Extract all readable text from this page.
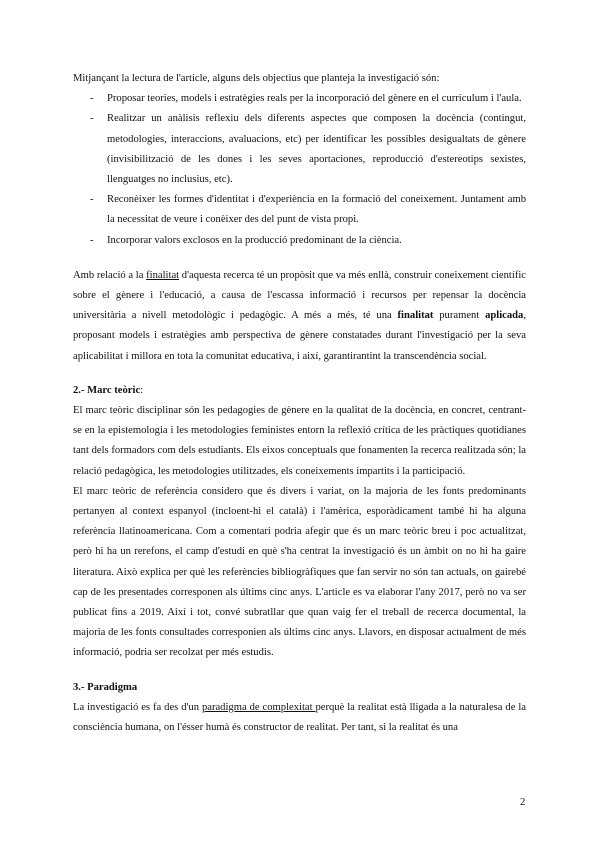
Mitjançant la lectura de l'article, alguns dels objectius que planteja la investigació són:

- Proposar teories, models i estratègies reals per la incorporació del gènere en el currículum i l'aula.
- Realitzar un anàlisis reflexiu dels diferents aspectes que composen la docència (contingut, metodologies, interaccions, avaluacions, etc) per identificar les possibles desigualtats de gènere (invisibilització de les dones i les seves aportaciones, reproducció d'estereotips sexistes, llenguatges no inclusius, etc).
- Reconèixer les formes d'identitat i d'experiència en la formació del coneixement. Juntament amb la necessitat de veure i conèixer des del punt de vista propi.
- Incorporar valors exclosos en la producció predominant de la ciència.

Amb relació a la finalitat d'aquesta recerca té un propòsit que va més enllà, construir coneixement científic sobre el gènere i l'educació, a causa de l'escassa informació i recursos per repensar la docència universitària a nivell metodològic i pedagògic. A més a més, té una finalitat purament aplicada, proposant models i estratègies amb perspectiva de gènere constatades durant l'investigació per la seva aplicabilitat i millora en tota la comunitat educativa, i així, garantirantint la transcendència social.

2.- Marc teòric:

El marc teòric disciplinar són les pedagogies de gènere en la qualitat de la docència, en concret, centrant-se en la epistemologia i les metodologies feministes entorn la reflexió crítica de les pràctiques quotidianes tant dels formadors com dels estudiants. Els eixos conceptuals que fonamenten la recerca realitzada són; la relació pedagògica, les metodologies utilitzades, els coneixements impartits i la participació.

El marc teòric de referència considero que és divers i variat, on la majoria de les fonts predominants pertanyen al context espanyol (incloent-hi el català) i l'amèrica, esporàdicament també hi ha alguna referència llatinoamericana. Com a comentari podria afegir que és un marc teòric breu i poc actualitzat, però hi ha un rerefons, el camp d'estudi en què s'ha centrat la investigació és un àmbit on no hi ha gaire literatura. Això explica per què les referències bibliogràfiques que fan servir no són tan actuals, on gairebé cap de les presentades corresponen als últims cinc anys. L'article es va elaborar l'any 2017, però no va ser publicat fins a 2019. Així i tot, convé subratllar que quan vaig fer el treball de recerca documental, la majoria de les fonts consultades corresponien als últims cinc anys. Llavors, en disposar actualment de més informació, podria ser recolzat per més estudis.

3.- Paradigma

La investigació es fa des d'un paradigma de complexitat perquè la realitat està lligada a la naturalesa de la consciència humana, on l'ésser humà és constructor de realitat. Per tant, si la realitat és una

2
